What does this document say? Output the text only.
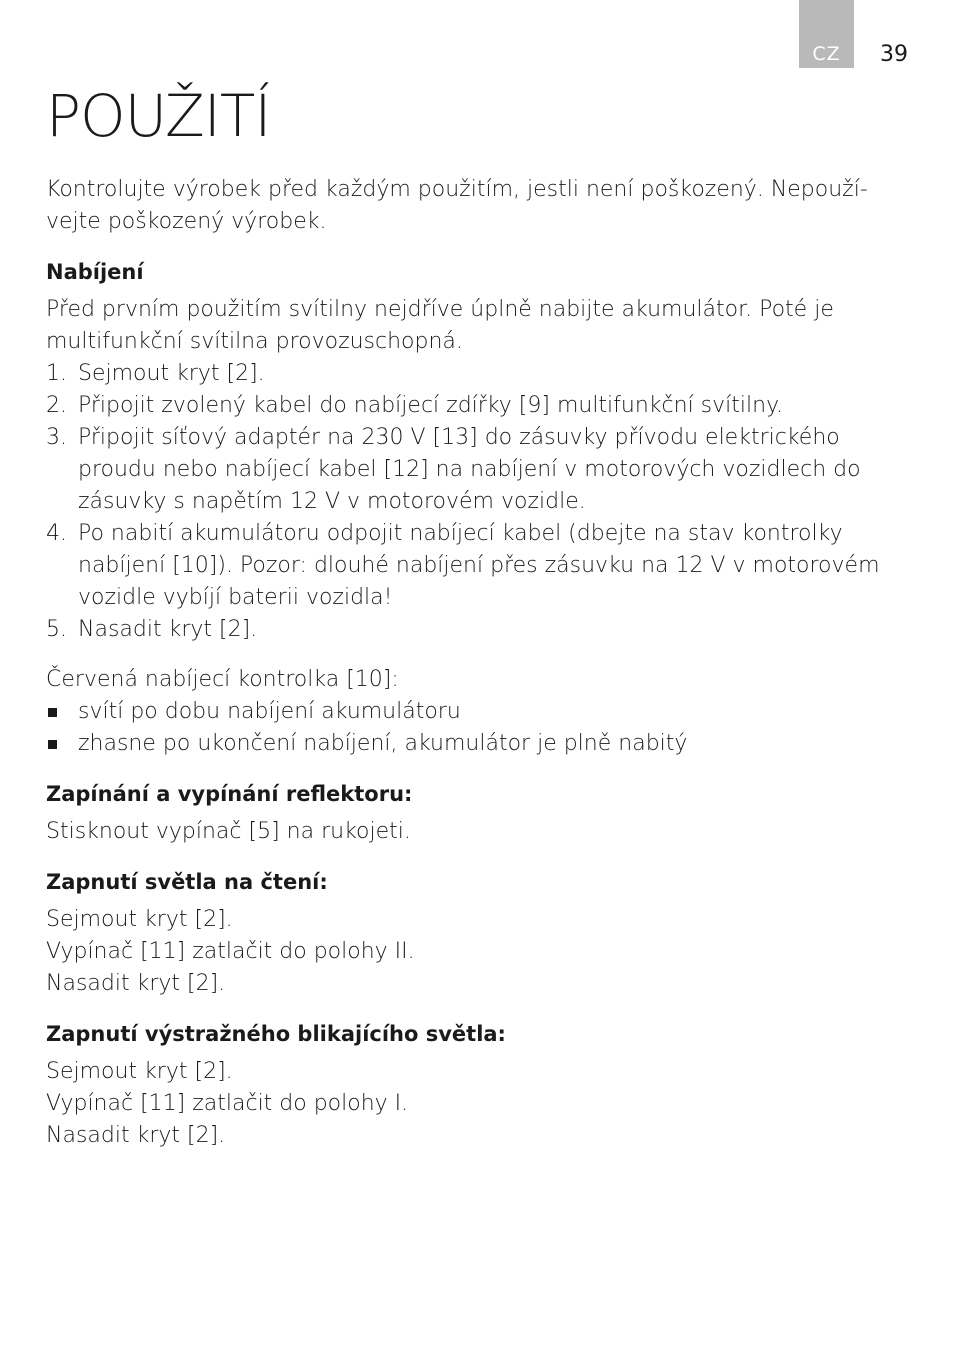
CZ 39
POUŽITÍ

Kontrolujte výrobek před každým použitím, jestli není poškozený. Nepouží-vejte poškozený výrobek.

Nabíjení

Před prvním použitím svítilny nejdříve úplně nabijte akumulátor. Poté je multifunkční svítilna provozuschopná.

1. Sejmout kryt [2].
2. Připojit zvolený kabel do nabíjecí zdířky [9] multifunkční svítilny.
3. Připojit síťový adaptér na 230 V [13] do zásuvky přívodu elektrického proudu nebo nabíjecí kabel [12] na nabíjení v motorových vozidlech do zásuvky s napětím 12 V v motorovém vozidle.
4. Po nabití akumulátoru odpojit nabíjecí kabel (dbejte na stav kontrolky nabíjení [10]). Pozor: dlouhé nabíjení přes zásuvku na 12 V v motorovém vozidle vybíjí baterii vozidla!
5. Nasadit kryt [2].

Červená nabíjecí kontrolka [10]:

svítí po dobu nabíjení akumulátoru
zhasne po ukončení nabíjení, akumulátor je plně nabitý

Zapínání a vypínání reflektoru:

Stisknout vypínač [5] na rukojeti.

Zapnutí světla na čtení:

Sejmout kryt [2].

Vypínač [11] zatlačit do polohy II.

Nasadit kryt [2].

Zapnutí výstražného blikajícího světla:

Sejmout kryt [2].

Vypínač [11] zatlačit do polohy I.

Nasadit kryt [2].
